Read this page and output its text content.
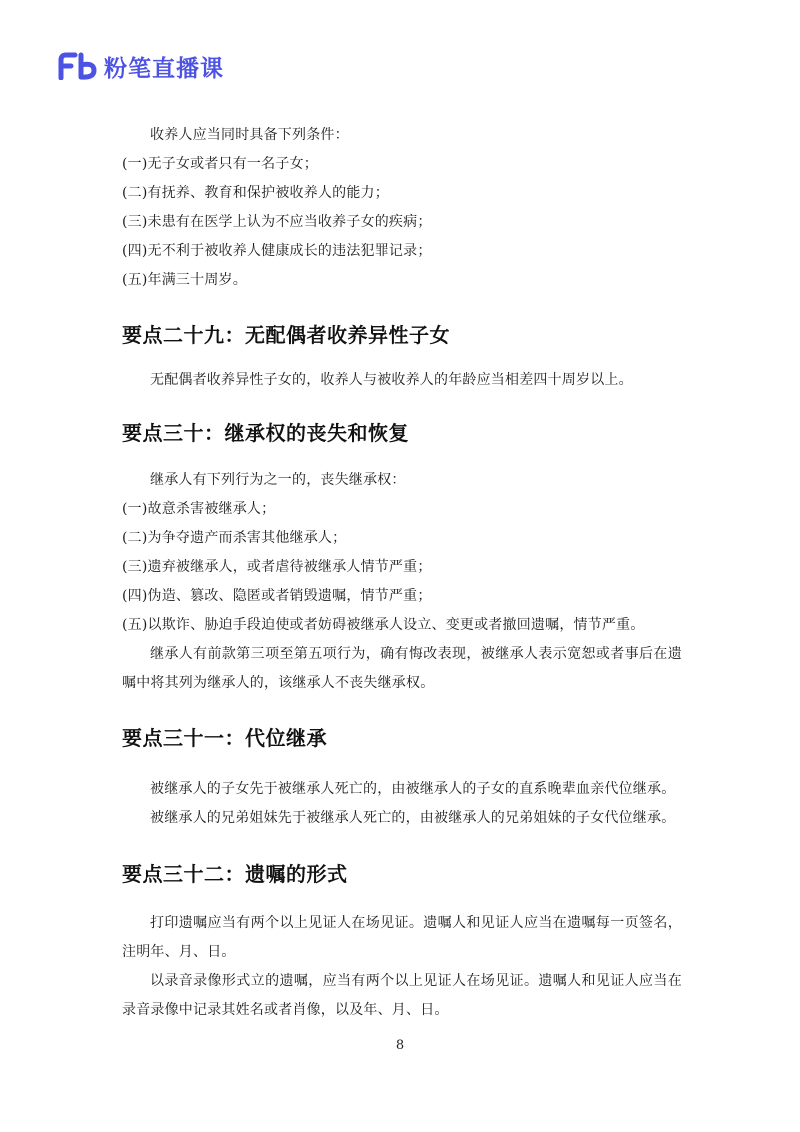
粉笔直播课

收养人应当同时具备下列条件：

(一)无子女或者只有一名子女；

(二)有抚养、教育和保护被收养人的能力；

(三)未患有在医学上认为不应当收养子女的疾病；

(四)无不利于被收养人健康成长的违法犯罪记录；

(五)年满三十周岁。

要点二十九：无配偶者收养异性子女

无配偶者收养异性子女的，收养人与被收养人的年龄应当相差四十周岁以上。

要点三十：继承权的丧失和恢复

继承人有下列行为之一的，丧失继承权：

(一)故意杀害被继承人；

(二)为争夺遗产而杀害其他继承人；

(三)遗弃被继承人，或者虐待被继承人情节严重；

(四)伪造、篡改、隐匿或者销毁遗嘱，情节严重；

(五)以欺诈、胁迫手段迫使或者妨碍被继承人设立、变更或者撤回遗嘱，情节严重。

继承人有前款第三项至第五项行为，确有悔改表现，被继承人表示宽恕或者事后在遗嘱中将其列为继承人的，该继承人不丧失继承权。

要点三十一：代位继承

被继承人的子女先于被继承人死亡的，由被继承人的子女的直系晚辈血亲代位继承。

被继承人的兄弟姐妹先于被继承人死亡的，由被继承人的兄弟姐妹的子女代位继承。

要点三十二：遗嘱的形式

打印遗嘱应当有两个以上见证人在场见证。遗嘱人和见证人应当在遗嘱每一页签名，注明年、月、日。

以录音录像形式立的遗嘱，应当有两个以上见证人在场见证。遗嘱人和见证人应当在录音录像中记录其姓名或者肖像，以及年、月、日。

8
